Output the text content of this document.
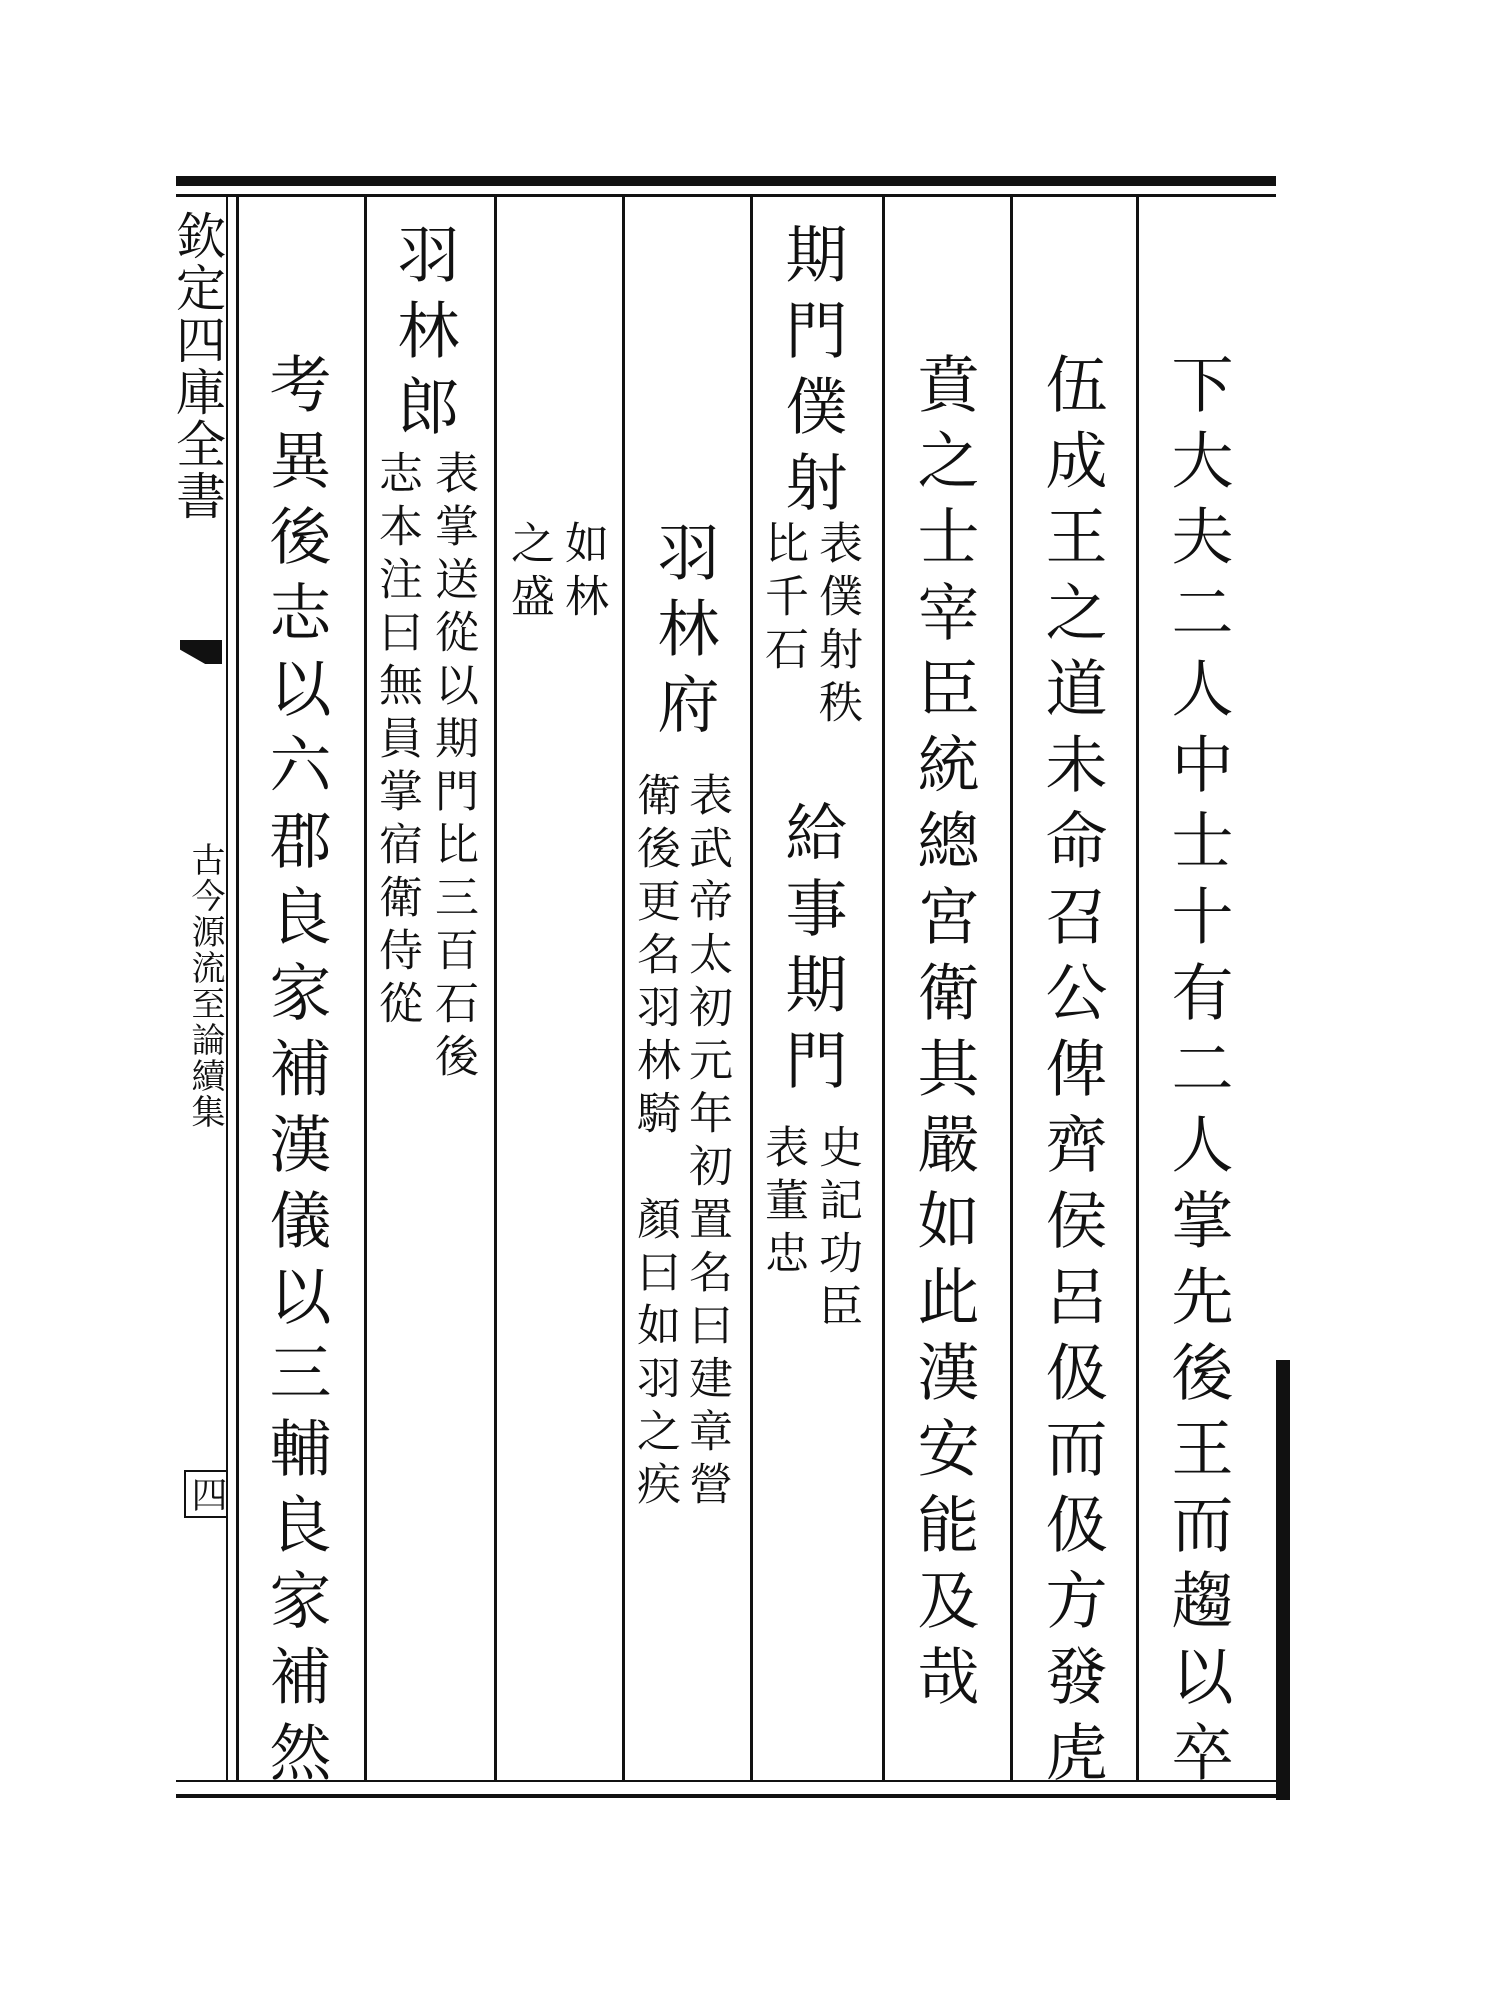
欽定四庫全書
古今源流至論續集
四	下大夫二人中士十有二人掌先後王而趨以卒
伍成王之道未命召公俾齊侯呂伋而伋方發虎
賁之士宰臣統總宮衛其嚴如此漢安能及哉
期門僕射
表僕射秩
比千石
給事期門
史記功臣
表董忠
羽林府
表武帝太初元年初置名曰建章營
衛後更名羽林騎　顏曰如羽之疾
如林
之盛
羽林郎
表掌送從以期門比三百石後
志本注曰無員掌宿衛侍從
考異後志以六郡良家補漢儀以三輔良家補然
